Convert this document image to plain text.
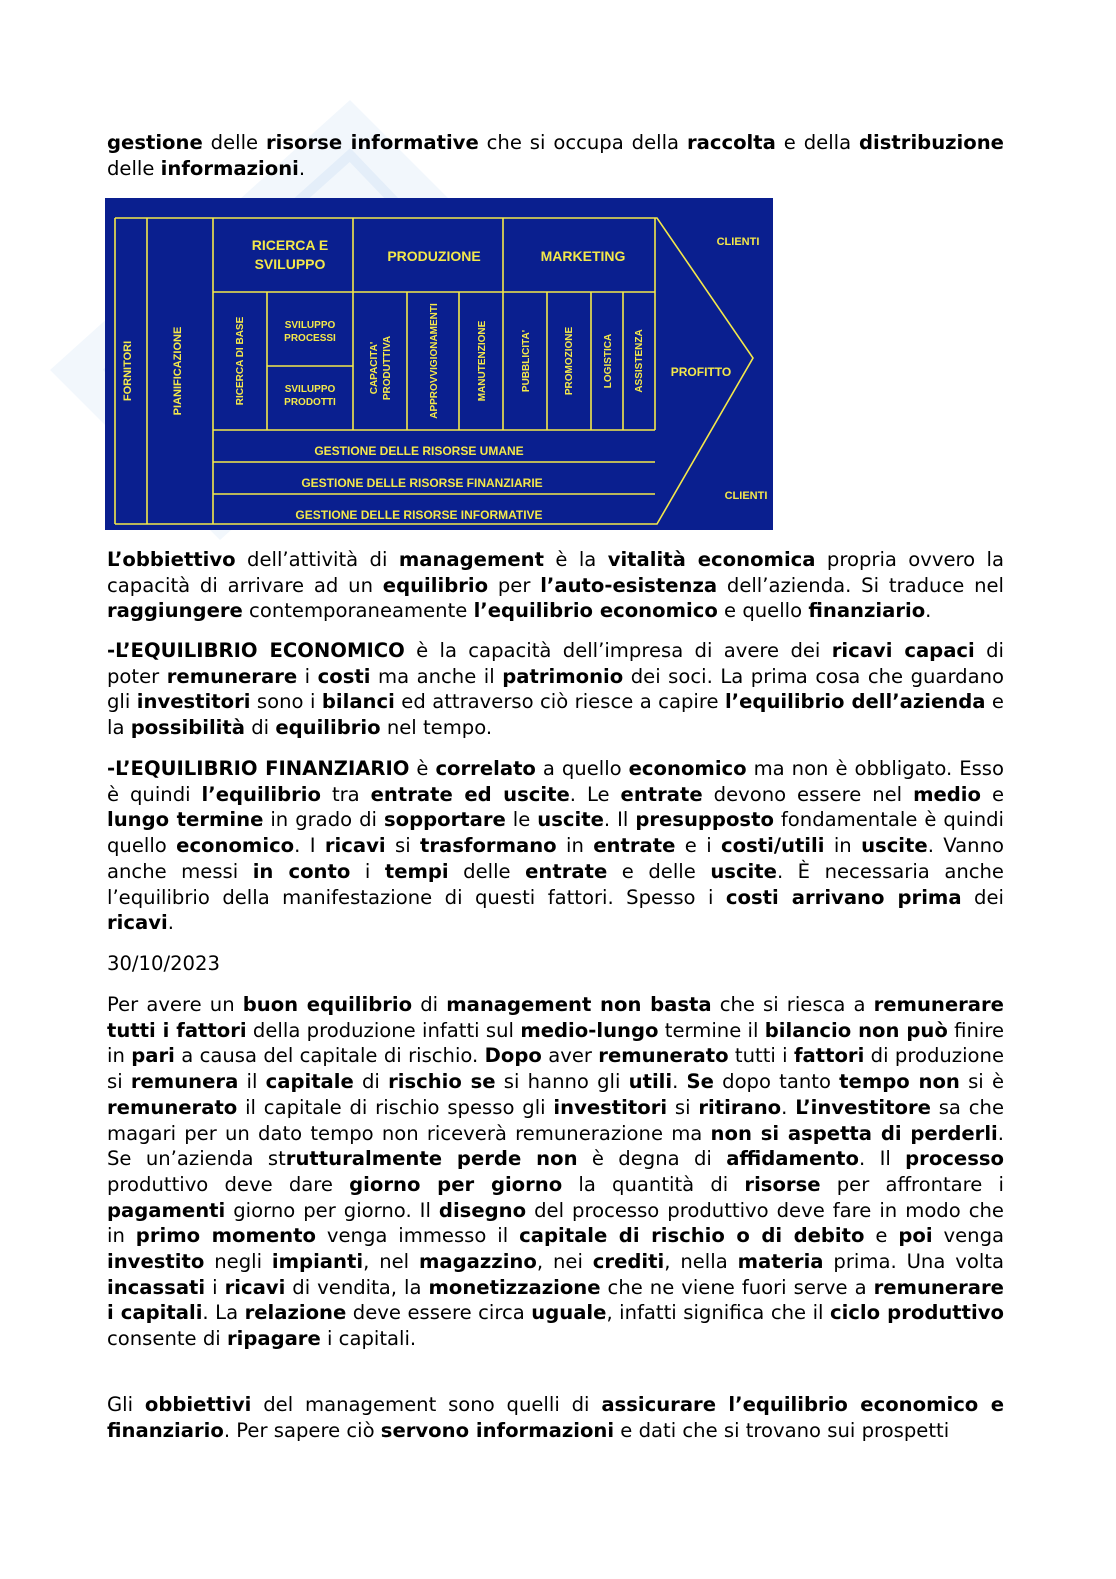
gestione delle risorse informative che si occupa della raccolta e della distribuzione delle informazioni.

FORNITORI	PIANIFICAZIONE
RICERCA E
SVILUPPO	PRODUZIONE	MARKETING
CLIENTI
RICERCA DI BASE	SVILUPPO
PROCESSI
SVILUPPO
PRODOTTI
CAPACITA' PRODUTTIVA	APPROVVIGIONAMENTI	MANUTENZIONE	PUBBLICITA'	PROMOZIONE	LOGISTICA ASSISTENZA PROFITTO
GESTIONE DELLE RISORSE UMANE
GESTIONE DELLE RISORSE FINANZIARIE
GESTIONE DELLE RISORSE INFORMATIVE
CLIENTI

L’obbiettivo dell’attività di management è la vitalità economica propria ovvero la capacità di arrivare ad un equilibrio per l’auto-esistenza dell’azienda. Si traduce nel raggiungere contemporaneamente l’equilibrio economico e quello finanziario.

-L’EQUILIBRIO ECONOMICO è la capacità dell’impresa di avere dei ricavi capaci di poter remunerare i costi ma anche il patrimonio dei soci. La prima cosa che guardano gli investitori sono i bilanci ed attraverso ciò riesce a capire l’equilibrio dell’azienda e la possibilità di equilibrio nel tempo.

-L’EQUILIBRIO FINANZIARIO è correlato a quello economico ma non è obbligato. Esso è quindi l’equilibrio tra entrate ed uscite. Le entrate devono essere nel medio e lungo termine in grado di sopportare le uscite. Il presupposto fondamentale è quindi quello economico. I ricavi si trasformano in entrate e i costi/utili in uscite. Vanno anche messi in conto i tempi delle entrate e delle uscite. È necessaria anche l’equilibrio della manifestazione di questi fattori. Spesso i costi arrivano prima dei ricavi.

30/10/2023

Per avere un buon equilibrio di management non basta che si riesca a remunerare tutti i fattori della produzione infatti sul medio-lungo termine il bilancio non può finire in pari a causa del capitale di rischio. Dopo aver remunerato tutti i fattori di produzione si remunera il capitale di rischio se si hanno gli utili. Se dopo tanto tempo non si è remunerato il capitale di rischio spesso gli investitori si ritirano. L’investitore sa che magari per un dato tempo non riceverà remunerazione ma non si aspetta di perderli. Se un’azienda strutturalmente perde non è degna di affidamento. Il processo produttivo deve dare giorno per giorno la quantità di risorse per affrontare i pagamenti giorno per giorno. Il disegno del processo produttivo deve fare in modo che in primo momento venga immesso il capitale di rischio o di debito e poi venga investito negli impianti, nel magazzino, nei crediti, nella materia prima. Una volta incassati i ricavi di vendita, la monetizzazione che ne viene fuori serve a remunerare i capitali. La relazione deve essere circa uguale, infatti significa che il ciclo produttivo consente di ripagare i capitali.

Gli obbiettivi del management sono quelli di assicurare l’equilibrio economico e finanziario. Per sapere ciò servono informazioni e dati che si trovano sui prospetti
